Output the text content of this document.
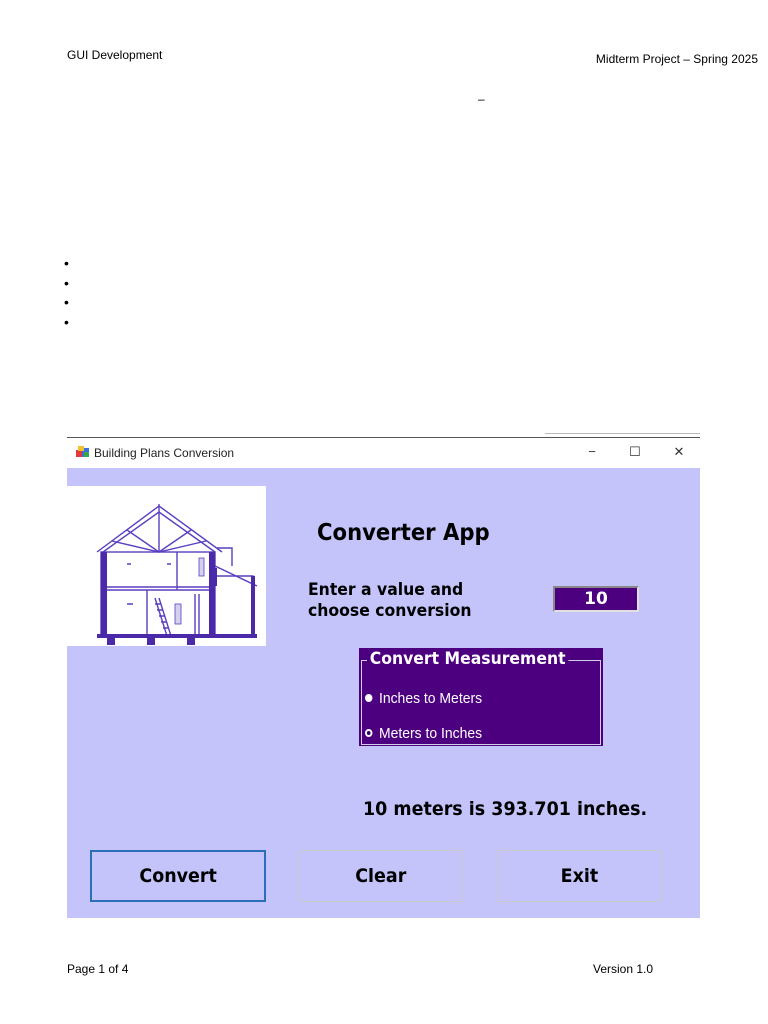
GUI Development	Midterm Project – Spring 2025
–
•
•
•
•
Building Plans Conversion	−	☐	✕
Converter App
Enter a value and
choose conversion
10
Convert Measurement
Inches to Meters
Meters to Inches
10 meters is 393.701 inches.
Convert	Clear	Exit
Page 1 of 4	Version 1.0
